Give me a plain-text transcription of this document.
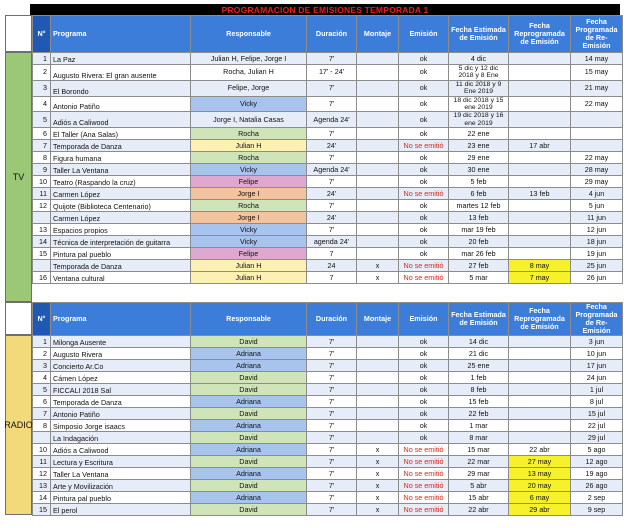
PROGRAMACION DE EMISIONES TEMPORADA 1
TV
RADIO
N°	Programa	Responsable	Duración	Montaje	Emisión	Fecha Estimada de Emisión	Fecha Reprogramada de Emisión	Fecha Programada de Re-Emisión
1	La Paz	Julian H, Felipe, Jorge I	7'		ok	4 dic		14 may
2	Augusto Rivera: El gran ausente	Rocha, Julian H	17' - 24'		ok	5 dic y 12 dic 2018 y 8 Ene		15 may
3	El Borondo	Felipe, Jorge	7'		ok	11 dic 2018 y 9 Ene 2019		21 may
4	Antonio Patiño	Vicky	7'		ok	18 dic 2018 y 15 ene 2019		22 may
5	Adiós a Caliwood	Jorge I, Natalia Casas	Agenda 24'		ok	19 dic 2018 y 16 ene 2019		
6	El Taller (Ana Salas)	Rocha	7'		ok	22 ene		
7	Temporada de Danza	Julian H	24'		No se emitió	23 ene	17 abr	
8	Figura humana	Rocha	7'		ok	29 ene		22 may
9	Taller La Ventana	Vicky	Agenda 24'		ok	30 ene		28 may
10	Teatro (Raspando la cruz)	Felipe	7'		ok	5 feb		29 may
11	Carmen López	Jorge I	24'		No se emitió	6 feb	13 feb	4 jun
12	Quijote (Biblioteca Centenario)	Rocha	7'		ok	martes 12 feb		5 jun
	Carmen López	Jorge I	24'		ok	13 feb		11 jun
13	Espacios propios	Vicky	7'		ok	mar 19 feb		12 jun
14	Técnica de interpretación de guitarra	Vicky	agenda 24'		ok	20 feb		18 jun
15	Pintura pal pueblo	Felipe	7		ok	mar 26 feb		19 jun
	Temporada de Danza	Julian H	24	x	No se emitió	27 feb	8 may	25 jun
16	Ventana cultural	Julian H	7	x	No se emitió	5 mar	7 may	26 jun
N°	Programa	Responsable	Duración	Montaje	Emisión	Fecha Estimada de Emisión	Fecha Reprogramada de Emisión	Fecha Programada de Re-Emisión
1	Milonga Ausente	David	7'		ok	14 dic		3 jun
2	Augusto Rivera	Adriana	7'		ok	21 dic		10 jun
3	Concierto Ar.Co	Adriana	7'		ok	25 ene		17 jun
4	Cámen López	David	7'		ok	1 feb		24 jun
5	FICCALI 2018 Sal	David	7'		ok	8 feb		1 jul
6	Temporada de Danza	Adriana	7'		ok	15 feb		8 jul
7	Antonio Patiño	David	7'		ok	22 feb		15 jul
8	Simposio Jorge isaacs	Adriana	7'		ok	1 mar		22 jul
	La Indagación	David	7'		ok	8 mar		29 jul
10	Adiós a Caliwood	Adriana	7'	x	No se emitió	15 mar	22 abr	5 ago
11	Lectura y Escritura	David	7'	x	No se emitió	22 mar	27 may	12 ago
12	Taller La Ventana	Adriana	7'	x	No se emitió	29 mar	13 may	19 ago
13	Arte y Movilización	David	7'	x	No se emitió	5 abr	20 may	26 ago
14	Pintura pal pueblo	Adriana	7'	x	No se emitió	15 abr	6 may	2 sep
15	El perol	David	7'	x	No se emitió	22 abr	29 abr	9 sep
